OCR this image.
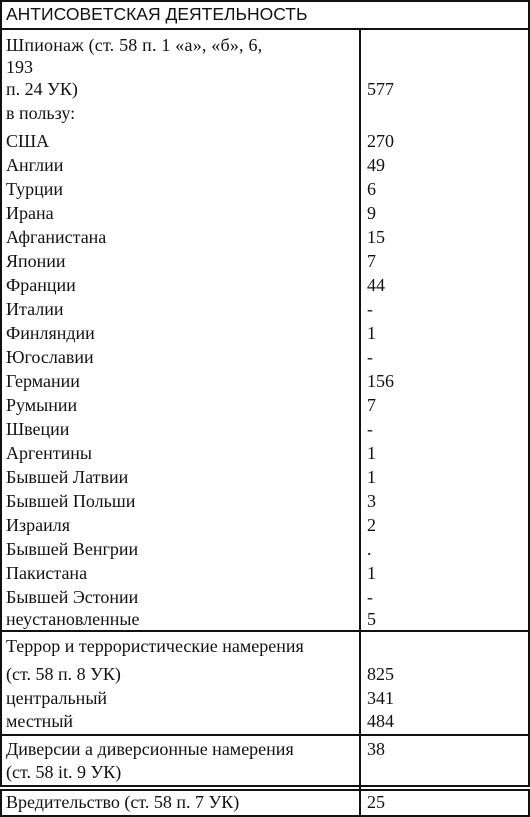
АНТИСОВЕТСКАЯ ДЕЯТЕЛЬНОСТЬ
Шпионаж (ст. 58 п. 1 «а», «б», 6,
193
п. 24 УК)	577
в пользу:
США	270
Англии	49
Турции	6
Ирана	9
Афганистана	15
Японии	7
Франции	44
Италии	-
Финляндии	1
Югославии	-
Германии	156
Румынии	7
Швеции	-
Аргентины	1
Бывшей Латвии	1
Бывшей Польши	3
Израиля	2
Бывшей Венгрии	.
Пакистана	1
Бывшей Эстонии	-
неустановленные	5
Террор и террористические намерения
(ст. 58 п. 8 УК)	825
центральный	341
местный	484
Диверсии а диверсионные намерения	38
(ст. 58 it. 9 УК)
Вредительство (ст. 58 п. 7 УК)	25
